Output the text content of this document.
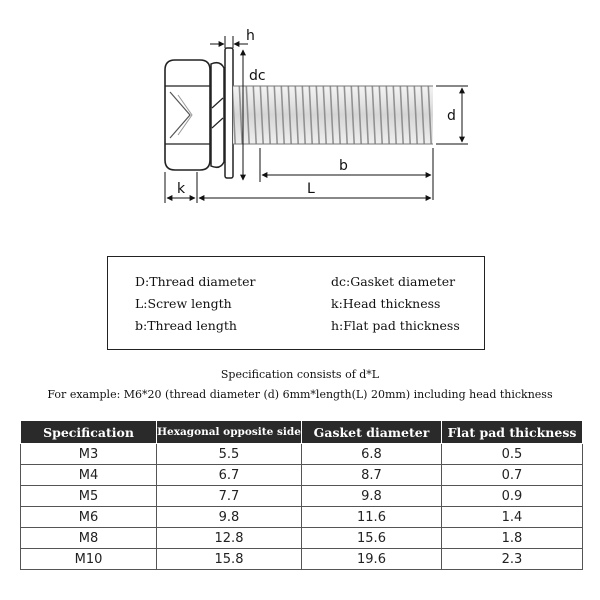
h
dc
d
b
k	L
D:Thread diameter	dc:Gasket diameter
L:Screw length	k:Head thickness
b:Thread length	h:Flat pad thickness
Specification consists of d*L
For example: M6*20 (thread diameter (d) 6mm*length(L) 20mm) including head thickness
Specification	Hexagonal opposite side	Gasket diameter	Flat pad thickness
M3	5.5	6.8	0.5
M4	6.7	8.7	0.7
M5	7.7	9.8	0.9
M6	9.8	11.6	1.4
M8	12.8	15.6	1.8
M10	15.8	19.6	2.3
